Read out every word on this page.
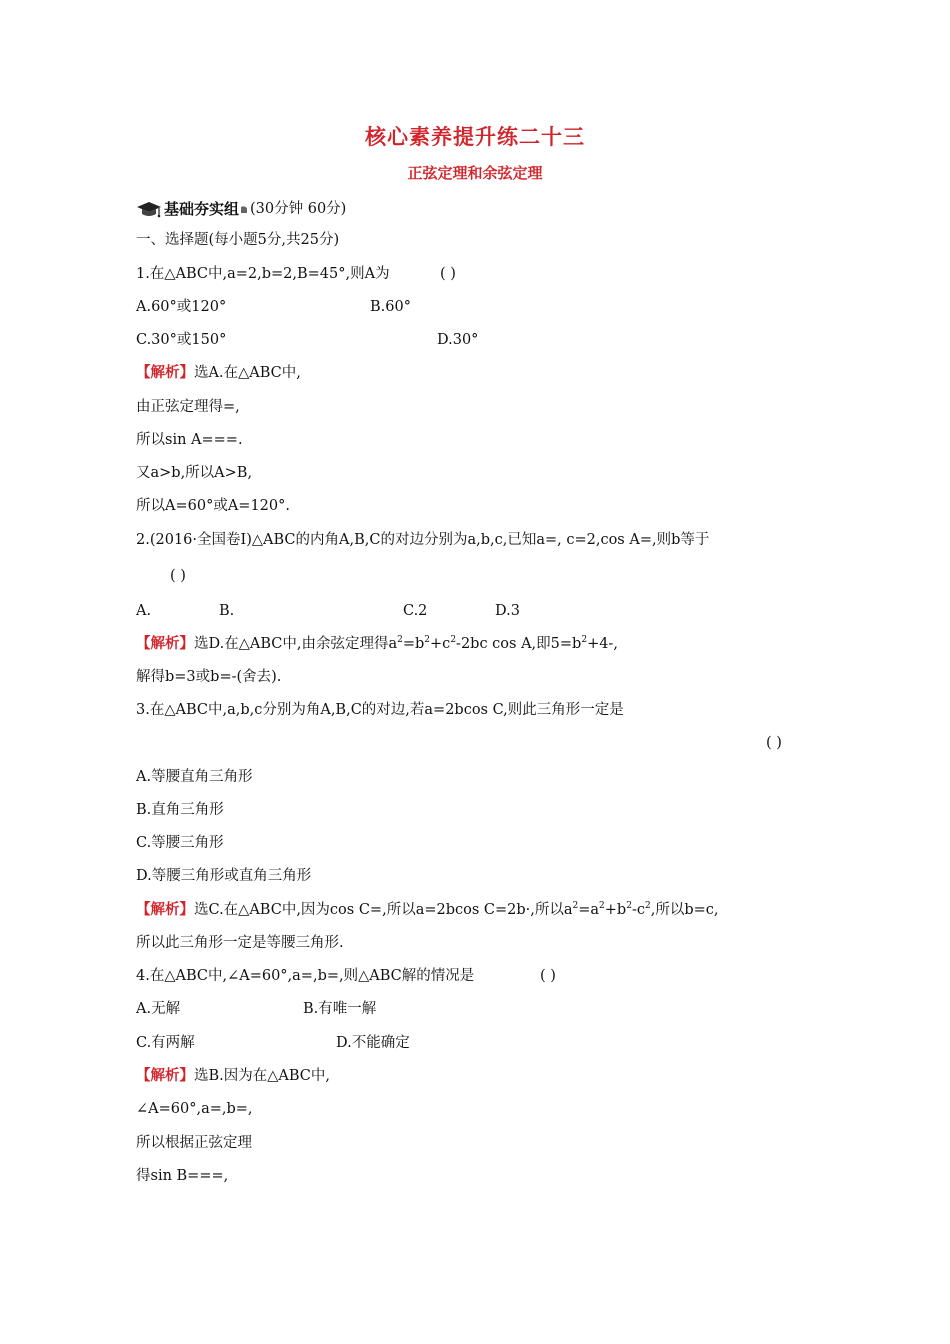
核心素养提升练二十三
正弦定理和余弦定理
基础夯实组 (30分钟 60分)
一、选择题(每小题5分,共25分)
1.在△ABC中,a=2,b=2,B=45°,则A为	( )
A.60°或120°	B.60°
C.30°或150°	D.30°
【解析】选A.在△ABC中,
由正弦定理得=,
所以sin A===.
又a>b,所以A>B,
所以A=60°或A=120°.
2.(2016·全国卷Ⅰ)△ABC的内角A,B,C的对边分别为a,b,c,已知a=, c=2,cos A=,则b等于
( )
A.	B.	C.2	D.3
【解析】选D.在△ABC中,由余弦定理得$a^2=b^2+c^2-2bc$ cos A,即$5=b^2+4-$,
解得b=3或b=-(舍去).
3.在△ABC中,a,b,c分别为角A,B,C的对边,若a=2bcos C,则此三角形一定是
( )
A.等腰直角三角形
B.直角三角形
C.等腰三角形
D.等腰三角形或直角三角形
【解析】选C.在△ABC中,因为cos C=,所以a=2bcos C=2b·,所以$a^2=a^2+b^2-c^2$,所以b=c,
所以此三角形一定是等腰三角形.
4.在△ABC中,∠A=60°,a=,b=,则△ABC解的情况是	( )
A.无解	B.有唯一解
C.有两解	D.不能确定
【解析】选B.因为在△ABC中,
∠A=60°,a=,b=,
所以根据正弦定理
得sin B===,
